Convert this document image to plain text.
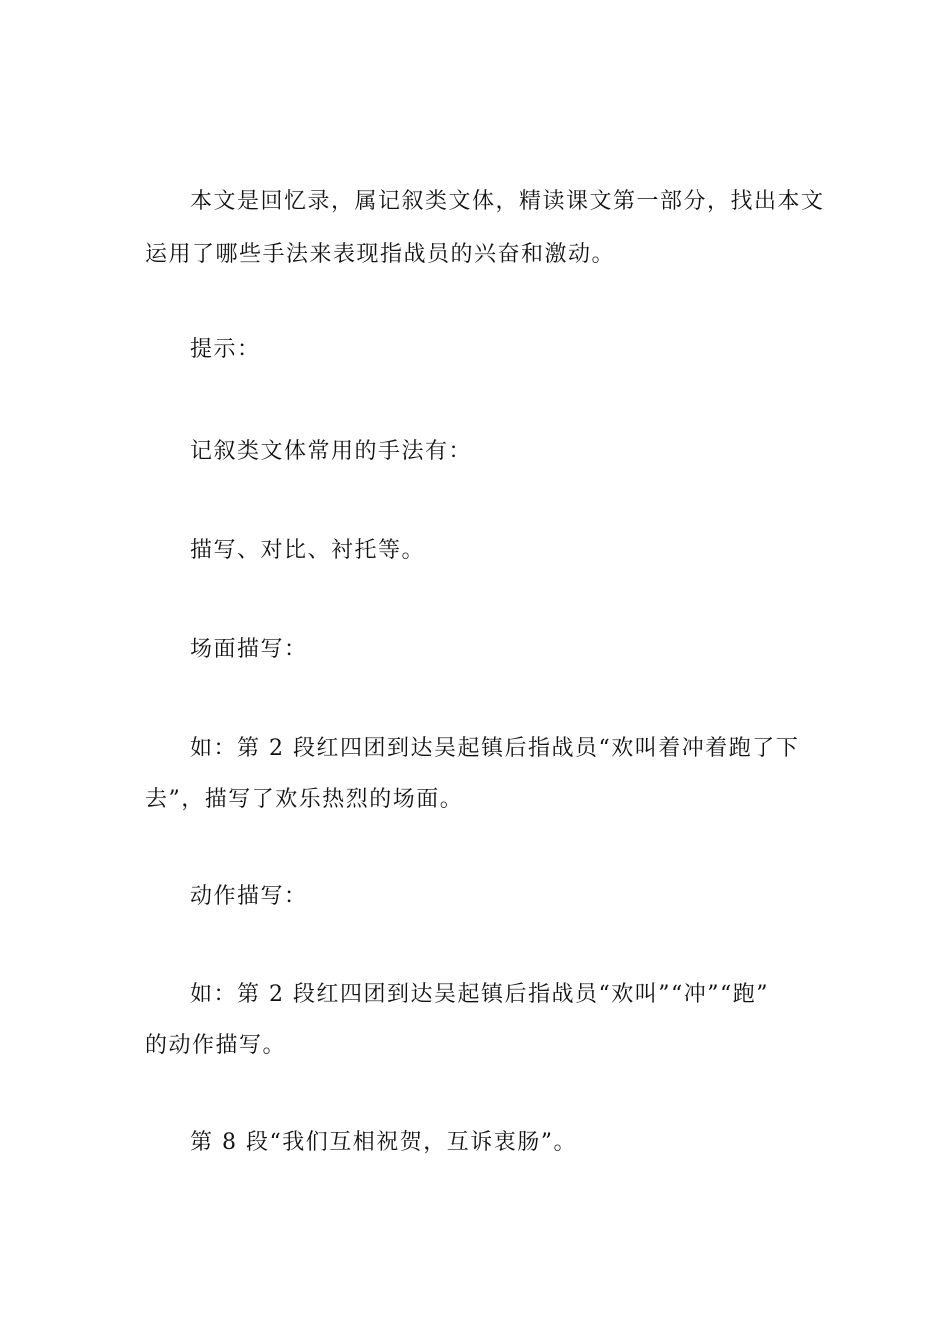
本文是回忆录，属记叙类文体，精读课文第一部分，找出本文
运用了哪些手法来表现指战员的兴奋和激动。
提示：
记叙类文体常用的手法有：
描写、对比、衬托等。
场面描写：
如：第 2 段红四团到达吴起镇后指战员“欢叫着冲着跑了下
去”，描写了欢乐热烈的场面。
动作描写：
如：第 2 段红四团到达吴起镇后指战员“欢叫”“冲”“跑”
的动作描写。
第 8 段“我们互相祝贺，互诉衷肠”。
